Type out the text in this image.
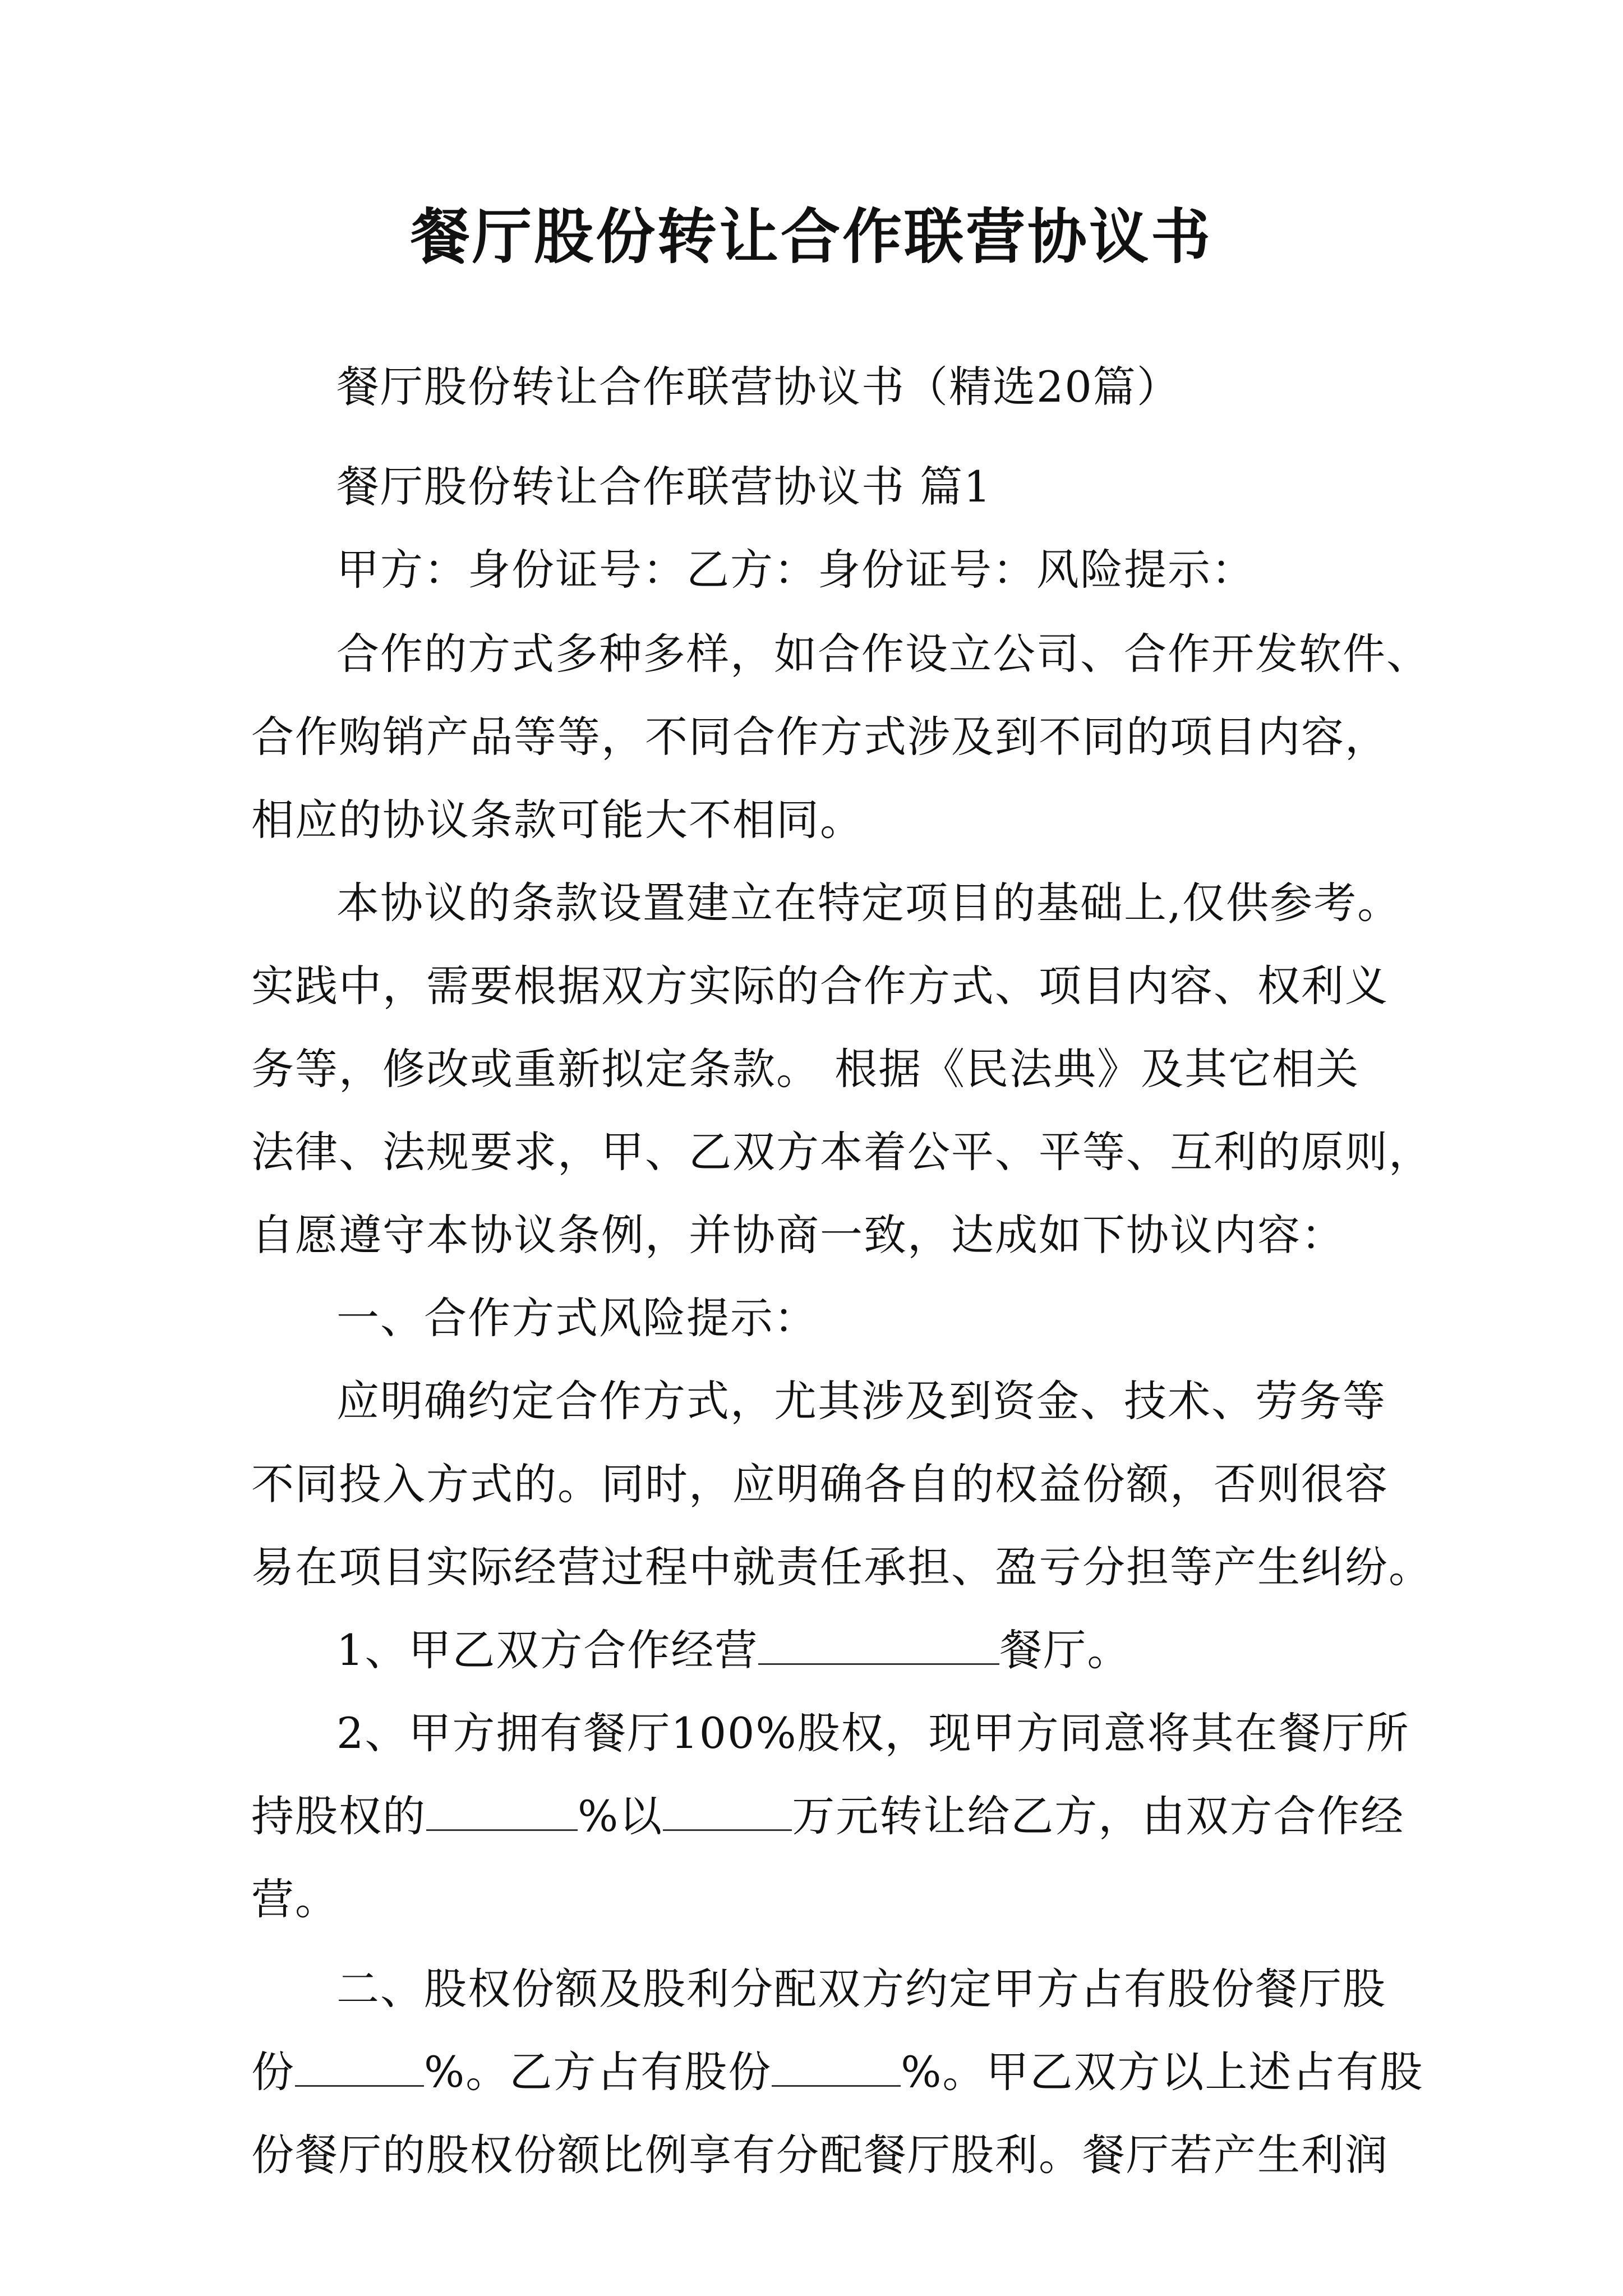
餐厅股份转让合作联营协议书
餐厅股份转让合作联营协议书（精选20篇）
餐厅股份转让合作联营协议书 篇1
甲方：身份证号：乙方：身份证号：风险提示：
合作的方式多种多样，如合作设立公司、合作开发软件、
合作购销产品等等，不同合作方式涉及到不同的项目内容，
相应的协议条款可能大不相同。
本协议的条款设置建立在特定项目的基础上,仅供参考。
实践中，需要根据双方实际的合作方式、项目内容、权利义
务等，修改或重新拟定条款。 根据《民法典》及其它相关
法律、法规要求，甲、乙双方本着公平、平等、互利的原则，
自愿遵守本协议条例，并协商一致，达成如下协议内容：
一、合作方式风险提示：
应明确约定合作方式，尤其涉及到资金、技术、劳务等
不同投入方式的。同时，应明确各自的权益份额，否则很容
易在项目实际经营过程中就责任承担、盈亏分担等产生纠纷。
1、甲乙双方合作经营	餐厅。
2、甲方拥有餐厅100%股权，现甲方同意将其在餐厅所
持股权的	%以	万元转让给乙方，由双方合作经
营。
二、股权份额及股利分配双方约定甲方占有股份餐厅股
份	%。乙方占有股份	%。甲乙双方以上述占有股
份餐厅的股权份额比例享有分配餐厅股利。餐厅若产生利润
